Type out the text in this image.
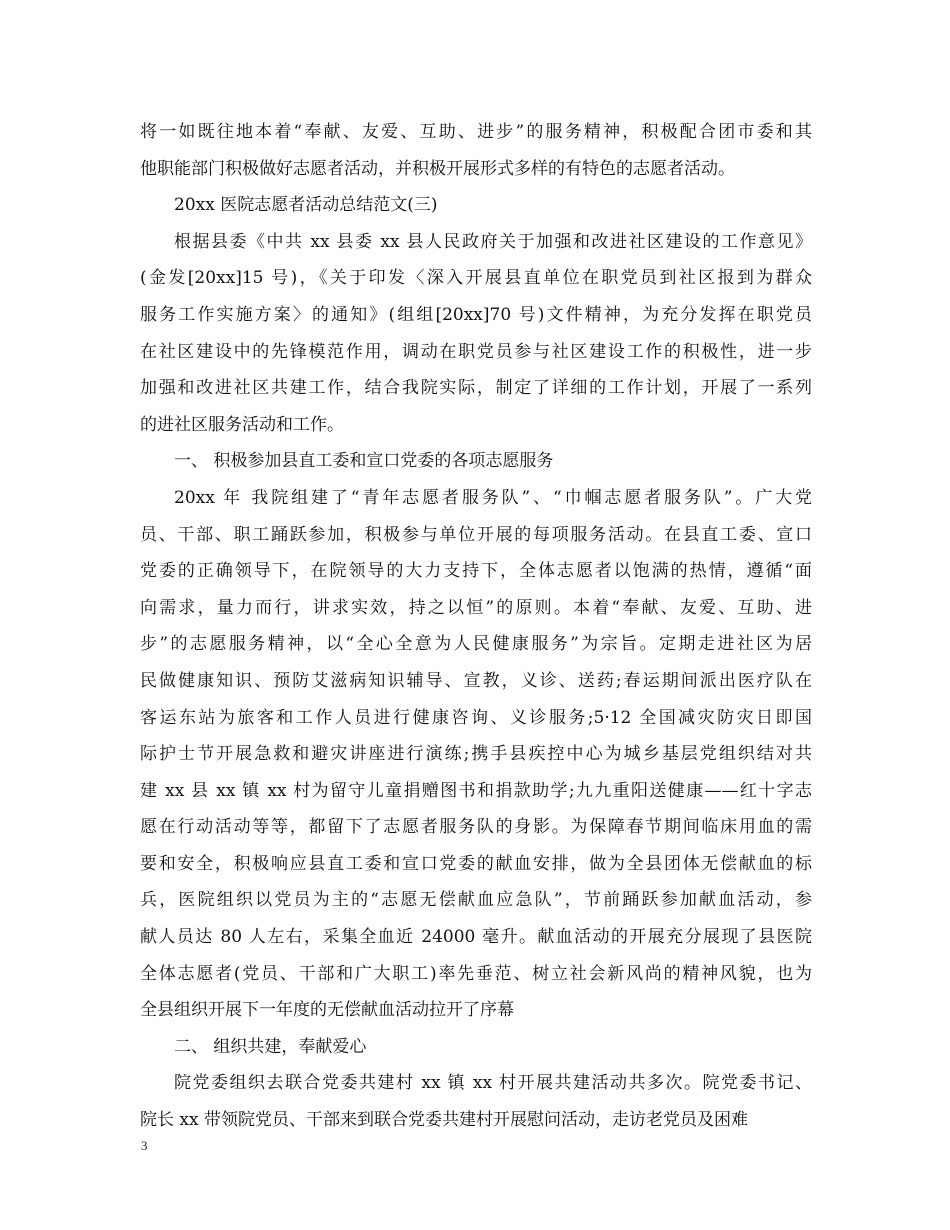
将一如既往地本着“奉献、友爱、互助、进步”的服务精神，积极配合团市委和其
他职能部门积极做好志愿者活动，并积极开展形式多样的有特色的志愿者活动。
20xx 医院志愿者活动总结范文(三)
根据县委《中共 xx 县委 xx 县人民政府关于加强和改进社区建设的工作意见》
(金发[20xx]15 号)，《关于印发〈深入开展县直单位在职党员到社区报到为群众
服务工作实施方案〉的通知》(组组[20xx]70 号)文件精神，为充分发挥在职党员
在社区建设中的先锋模范作用，调动在职党员参与社区建设工作的积极性，进一步
加强和改进社区共建工作，结合我院实际，制定了详细的工作计划，开展了一系列
的进社区服务活动和工作。
一、 积极参加县直工委和宣口党委的各项志愿服务
20xx 年 我院组建了“青年志愿者服务队”、“巾帼志愿者服务队”。广大党
员、干部、职工踊跃参加，积极参与单位开展的每项服务活动。在县直工委、宣口
党委的正确领导下，在院领导的大力支持下，全体志愿者以饱满的热情，遵循“面
向需求，量力而行，讲求实效，持之以恒”的原则。本着“奉献、友爱、互助、进
步”的志愿服务精神，以“全心全意为人民健康服务”为宗旨。定期走进社区为居
民做健康知识、预防艾滋病知识辅导、宣教，义诊、送药;春运期间派出医疗队在
客运东站为旅客和工作人员进行健康咨询、义诊服务;5·12 全国减灾防灾日即国
际护士节开展急救和避灾讲座进行演练;携手县疾控中心为城乡基层党组织结对共
建 xx 县 xx 镇 xx 村为留守儿童捐赠图书和捐款助学;九九重阳送健康——红十字志
愿在行动活动等等，都留下了志愿者服务队的身影。为保障春节期间临床用血的需
要和安全，积极响应县直工委和宣口党委的献血安排，做为全县团体无偿献血的标
兵，医院组织以党员为主的“志愿无偿献血应急队”，节前踊跃参加献血活动，参
献人员达 80 人左右，采集全血近 24000 毫升。献血活动的开展充分展现了县医院
全体志愿者(党员、干部和广大职工)率先垂范、树立社会新风尚的精神风貌，也为
全县组织开展下一年度的无偿献血活动拉开了序幕
二、 组织共建，奉献爱心
院党委组织去联合党委共建村 xx 镇 xx 村开展共建活动共多次。院党委书记、
院长 xx 带领院党员、干部来到联合党委共建村开展慰问活动，走访老党员及困难
3
